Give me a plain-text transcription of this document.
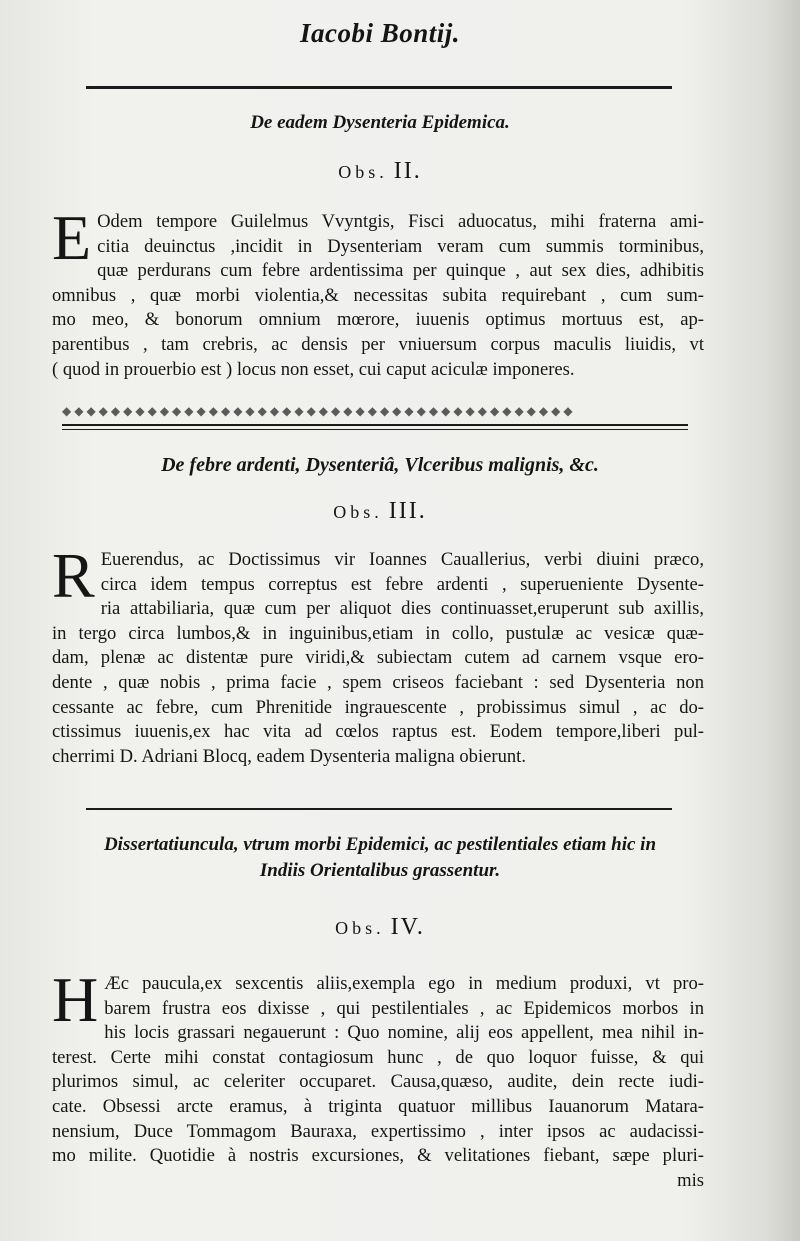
Iacobi Bontij.
De eadem Dysenteria Epidemica.
Obs. II.
E Odem tempore Guilelmus Vvyntgis, Fisci aduocatus, mihi fraterna ami-
citia deuinctus ,incidit in Dysenteriam veram cum summis torminibus,
quæ perdurans cum febre ardentissima per quinque , aut sex dies, adhibitis
omnibus , quæ morbi violentia,& necessitas subita requirebant , cum sum-
mo meo, & bonorum omnium mœrore, iuuenis optimus mortuus est, ap-
parentibus , tam crebris, ac densis per vniuersum corpus maculis liuidis, vt
( quod in prouerbio est ) locus non esset, cui caput aciculæ imponeres.
◆◆◆◆◆◆◆◆◆◆◆◆◆◆◆◆◆◆◆◆◆◆◆◆◆◆◆◆◆◆◆◆◆◆◆◆◆◆◆◆◆◆
De febre ardenti, Dysenteriâ, Vlceribus malignis, &c.
Obs. III.
R Euerendus, ac Doctissimus vir Ioannes Cauallerius, verbi diuini præco,
circa idem tempus correptus est febre ardenti , superueniente Dysente-
ria attabiliaria, quæ cum per aliquot dies continuasset,eruperunt sub axillis,
in tergo circa lumbos,& in inguinibus,etiam in collo, pustulæ ac vesicæ quæ-
dam, plenæ ac distentæ pure viridi,& subiectam cutem ad carnem vsque ero-
dente , quæ nobis , prima facie , spem criseos faciebant : sed Dysenteria non
cessante ac febre, cum Phrenitide ingrauescente , probissimus simul , ac do-
ctissimus iuuenis,ex hac vita ad cœlos raptus est. Eodem tempore,liberi pul-
cherrimi D. Adriani Blocq, eadem Dysenteria maligna obierunt.
Dissertatiuncula, vtrum morbi Epidemici, ac pestilentiales etiam hic in
Indiis Orientalibus grassentur.
Obs. IV.
H Æc paucula,ex sexcentis aliis,exempla ego in medium produxi, vt pro-
barem frustra eos dixisse , qui pestilentiales , ac Epidemicos morbos in
his locis grassari negauerunt : Quo nomine, alij eos appellent, mea nihil in-
terest. Certe mihi constat contagiosum hunc , de quo loquor fuisse, & qui
plurimos simul, ac celeriter occuparet. Causa,quæso, audite, dein recte iudi-
cate. Obsessi arcte eramus, à triginta quatuor millibus Iauanorum Matara-
nensium, Duce Tommagom Bauraxa, expertissimo , inter ipsos ac audacissi-
mo milite. Quotidie à nostris excursiones, & velitationes fiebant, sæpe pluri-
mis
